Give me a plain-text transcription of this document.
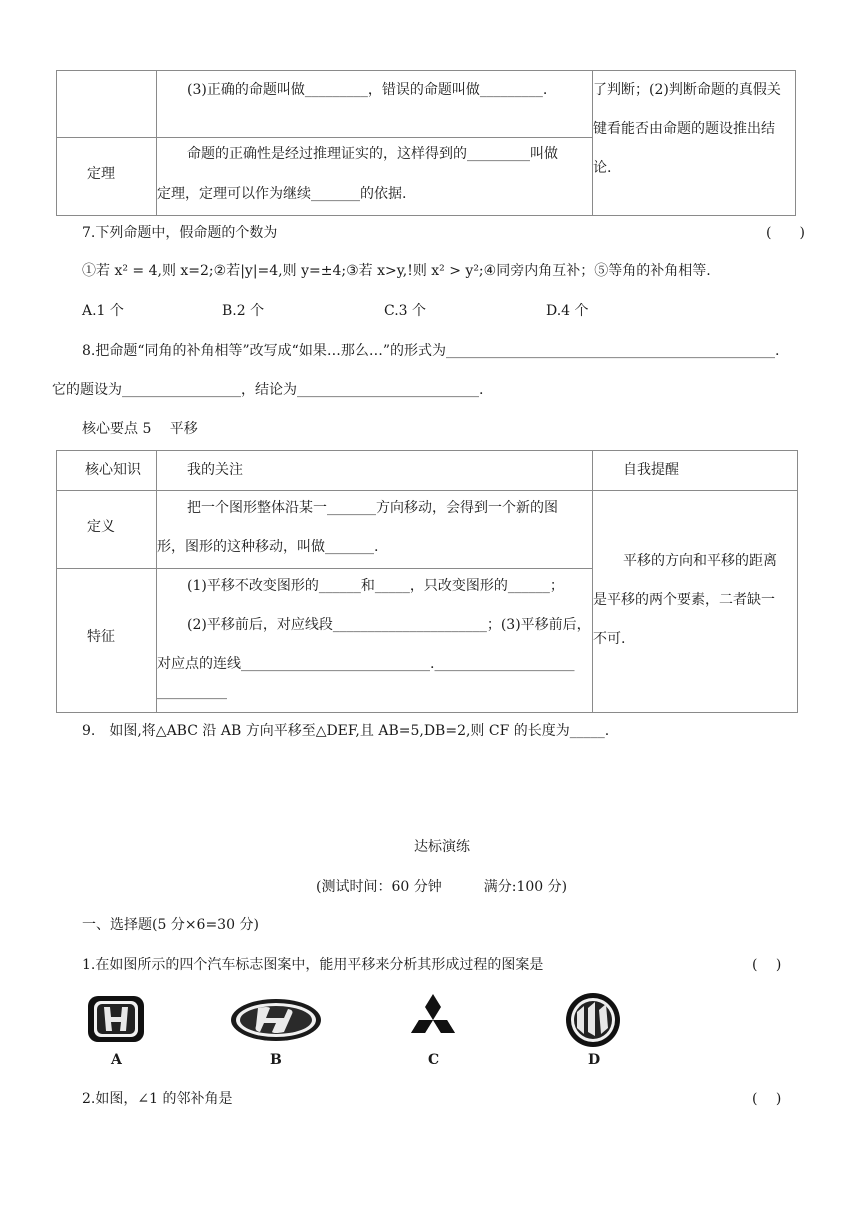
	(3)正确的命题叫做_________，错误的命题叫做_________.	了判断；(2)判断命题的真假关
键看能否由命题的题设推出结
论.

定理	命题的正确性是经过推理证实的，这样得到的_________叫做
定理，定理可以作为继续_______的依据.	
7.下列命题中，假命题的个数为	(　　)
①若 x² = 4,则 x=2;②若|y|=4,则 y=±4;③若 x>y,!则 x² > y²;④同旁内角互补；⑤等角的补角相等.
A.1 个	B.2 个	C.3 个	D.4 个
8.把命题“同角的补角相等”改写成“如果…那么…”的形式为_______________________________________________.
它的题设为_________________，结论为__________________________.
核心要点 5　 平移
核心知识	我的关注	自我提醒

定义	把一个图形整体沿某一_______方向移动，会得到一个新的图
形，图形的这种移动，叫做_______.	平移的方向和平移的距离
是平移的两个要素，二者缺一
不可.

特征	(1)平移不改变图形的______和_____，只改变图形的______；
(2)平移前后，对应线段______________________；(3)平移前后，
对应点的连线___________________________.____________________
__________	
9.　如图,将△ABC 沿 AB 方向平移至△DEF,且 AB=5,DB=2,则 CF 的长度为_____.
达标演练
(测试时间：60 分钟　　　满分:100 分)
一、选择题(5 分×6=30 分)
1.在如图所示的四个汽车标志图案中，能用平移来分析其形成过程的图案是	(　 )
A	B	C	D
2.如图，∠1 的邻补角是	(　 )
